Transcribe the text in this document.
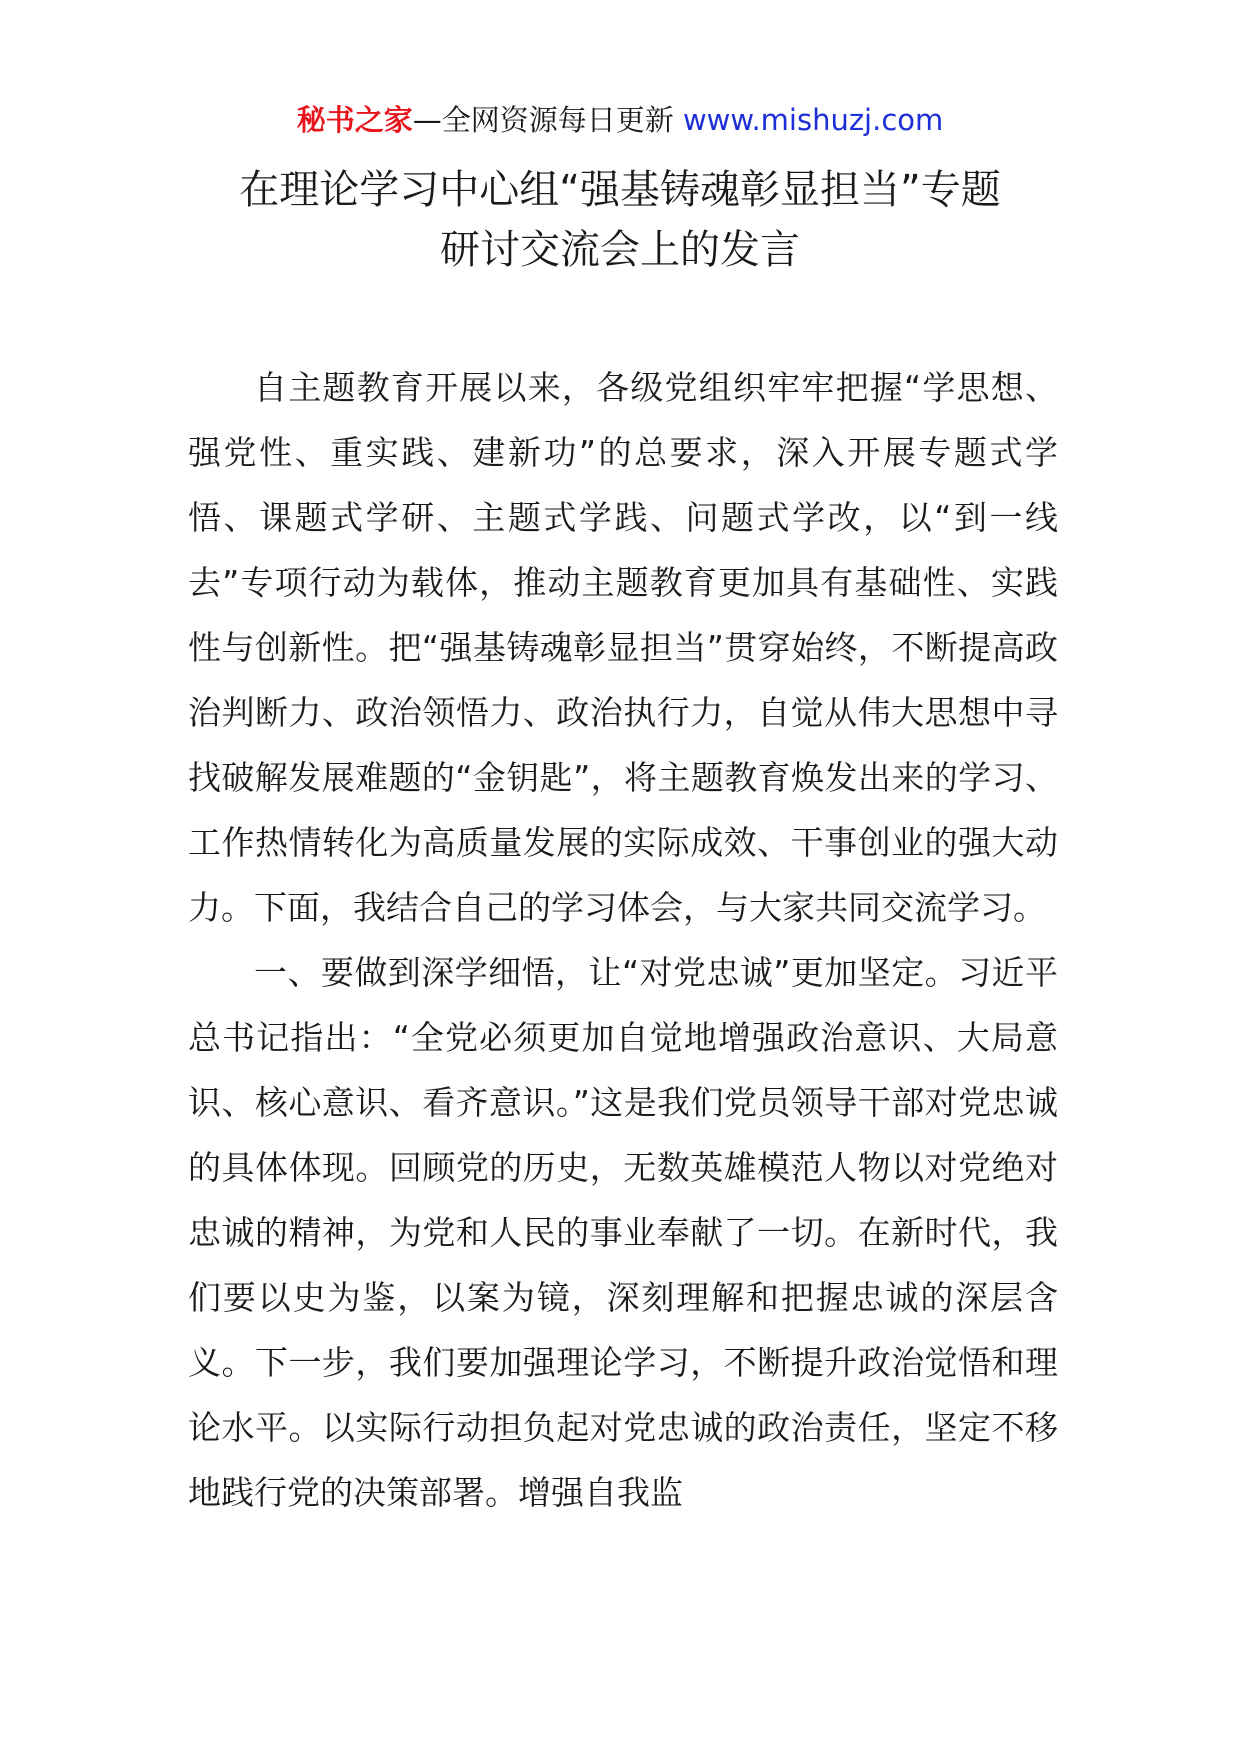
秘书之家—全网资源每日更新 www.mishuzj.com
在理论学习中心组“强基铸魂彰显担当”专题
研讨交流会上的发言

自主题教育开展以来，各级党组织牢牢把握“学思想、强党性、重实践、建新功”的总要求，深入开展专题式学悟、课题式学研、主题式学践、问题式学改，以“到一线去”专项行动为载体，推动主题教育更加具有基础性、实践性与创新性。把“强基铸魂彰显担当”贯穿始终，不断提高政治判断力、政治领悟力、政治执行力，自觉从伟大思想中寻找破解发展难题的“金钥匙”，将主题教育焕发出来的学习、工作热情转化为高质量发展的实际成效、干事创业的强大动力。下面，我结合自己的学习体会，与大家共同交流学习。

一、要做到深学细悟，让“对党忠诚”更加坚定。习近平总书记指出：“全党必须更加自觉地增强政治意识、大局意识、核心意识、看齐意识。”这是我们党员领导干部对党忠诚的具体体现。回顾党的历史，无数英雄模范人物以对党绝对忠诚的精神，为党和人民的事业奉献了一切。在新时代，我们要以史为鉴，以案为镜，深刻理解和把握忠诚的深层含义。下一步，我们要加强理论学习，不断提升政治觉悟和理论水平。以实际行动担负起对党忠诚的政治责任，坚定不移地践行党的决策部署。增强自我监
